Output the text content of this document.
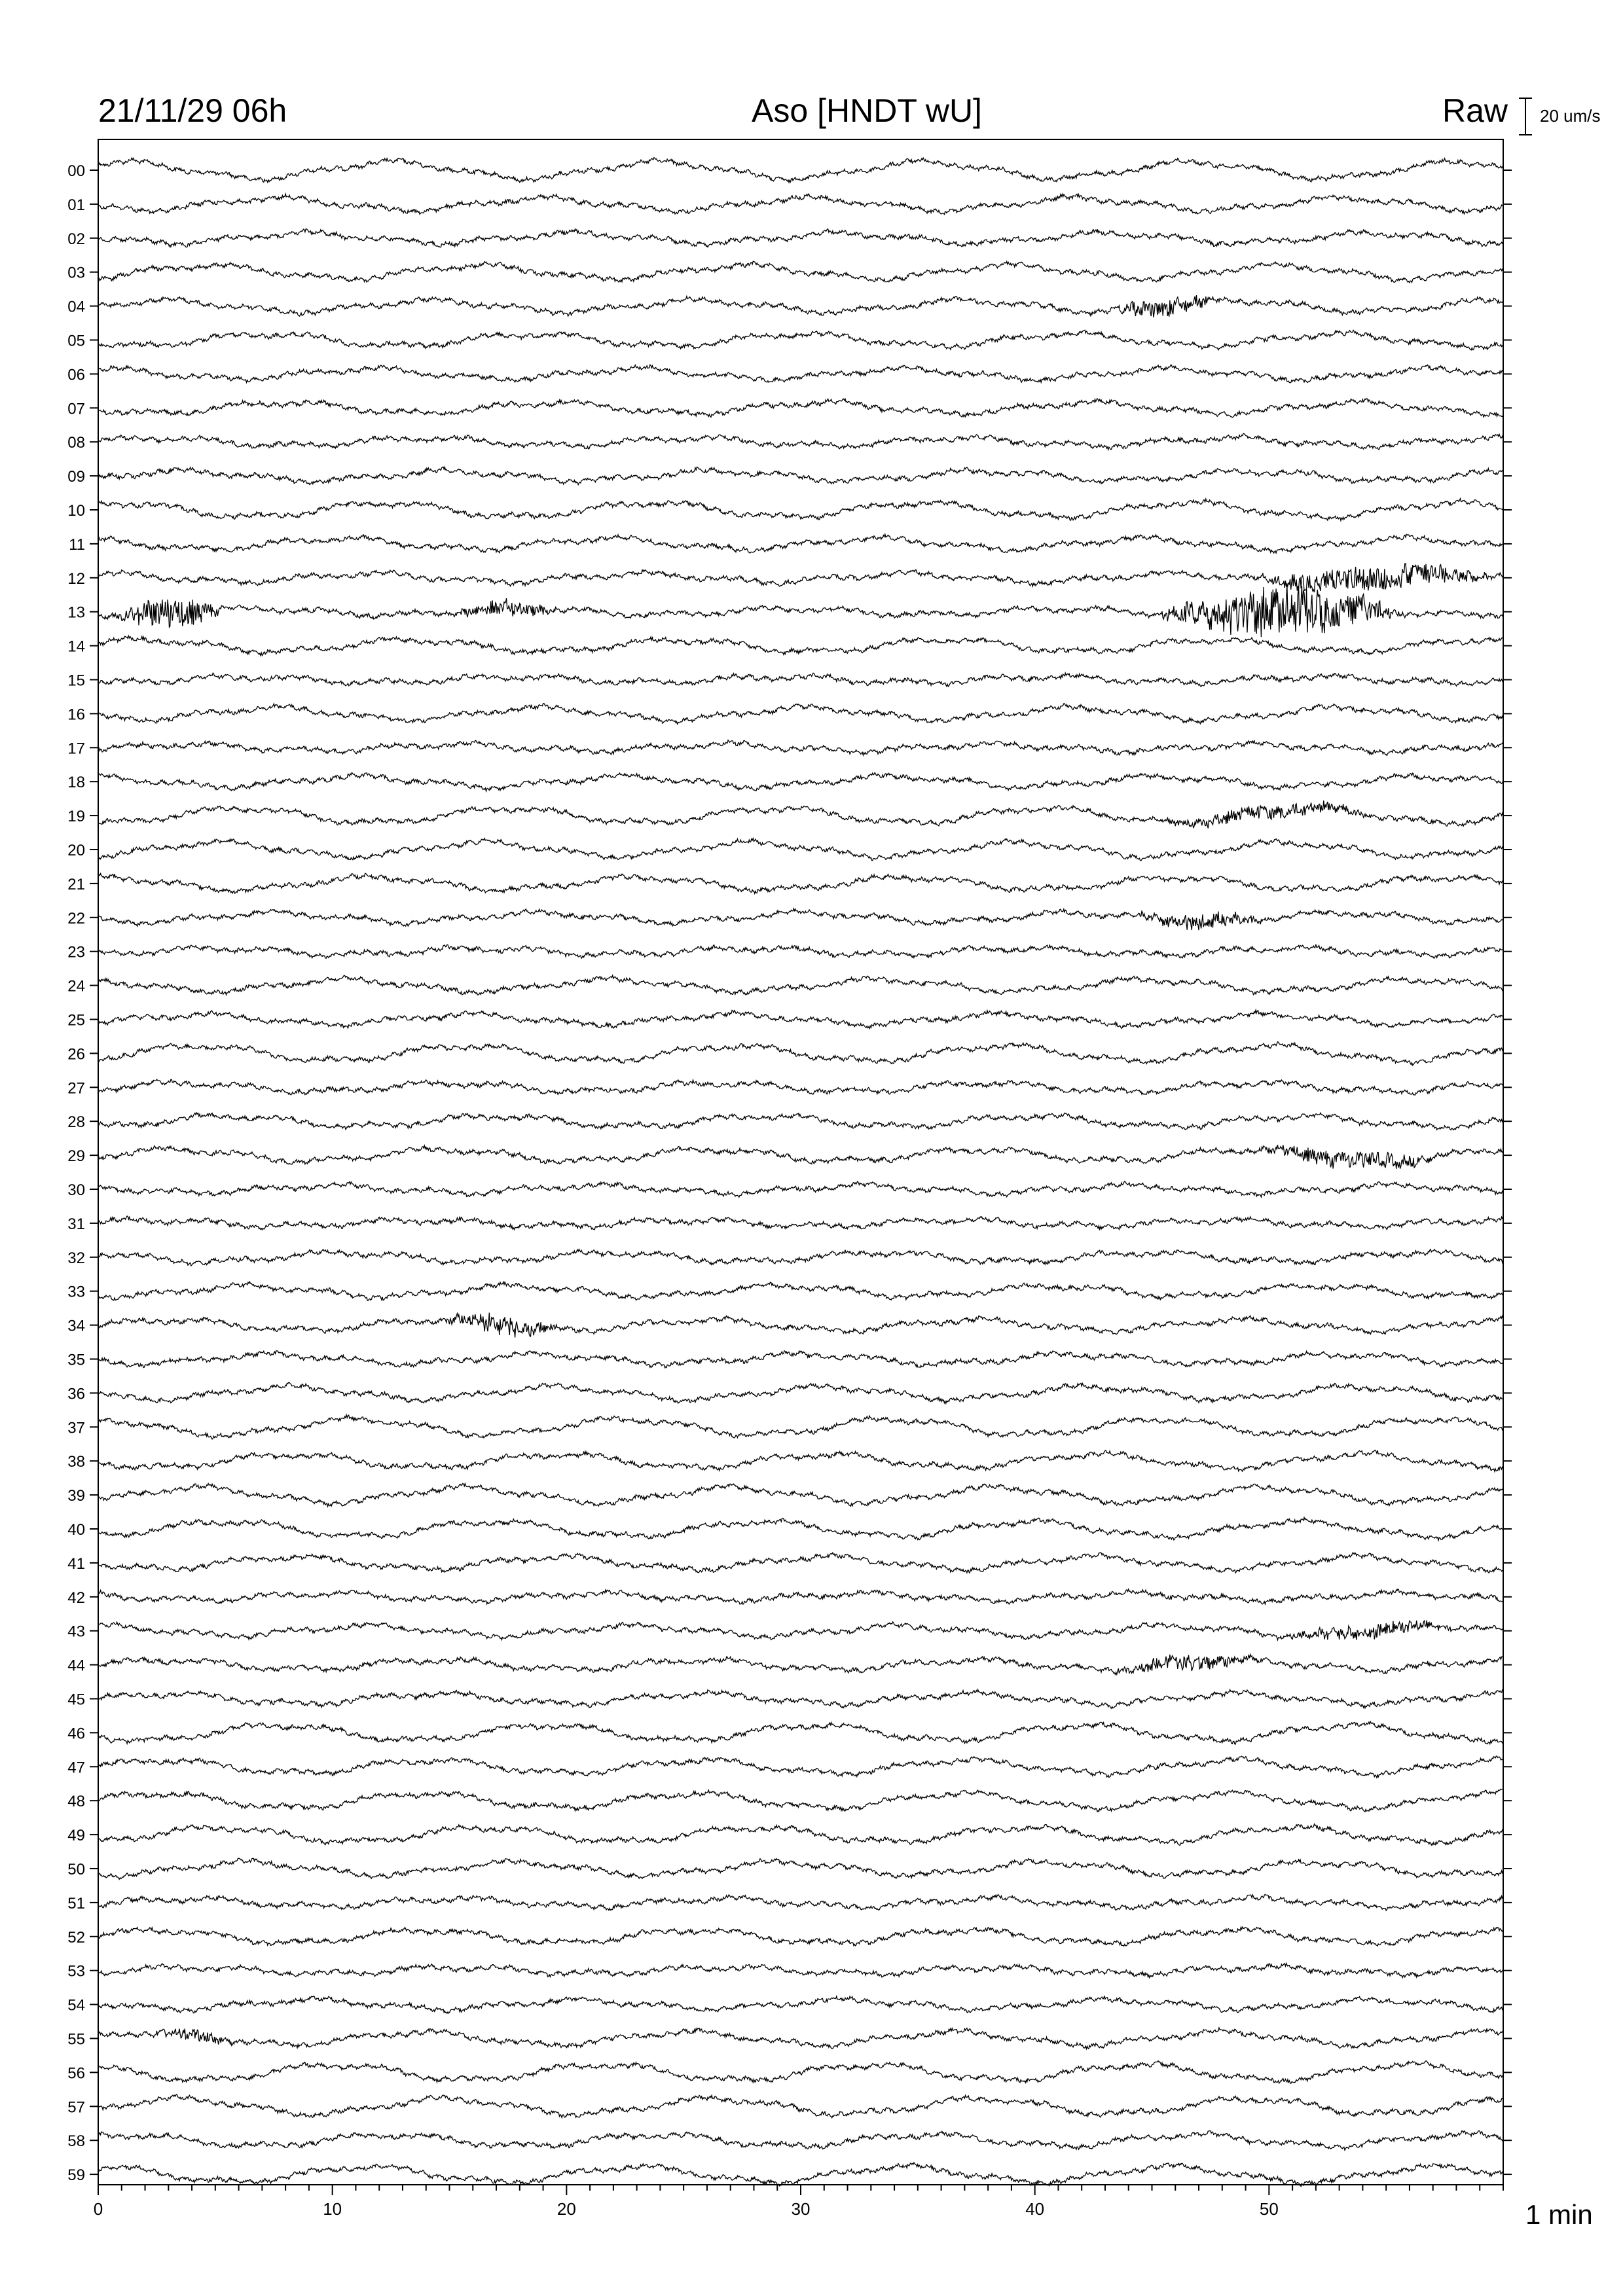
21/11/29 06h	Aso [HNDT wU]	Raw 20 um/s
1 min
00
01
02
03
04
05
06
07
08
09
10
11
12
13
14
15
16
17
18
19
20
21
22
23
24
25
26
27
28
29
30
31
32
33
34
35
36
37
38
39
40
41
42
43
44
45
46
47
48
49
50
51
52
53
54
55
56
57
58
59
0	10	20	30	40	50
